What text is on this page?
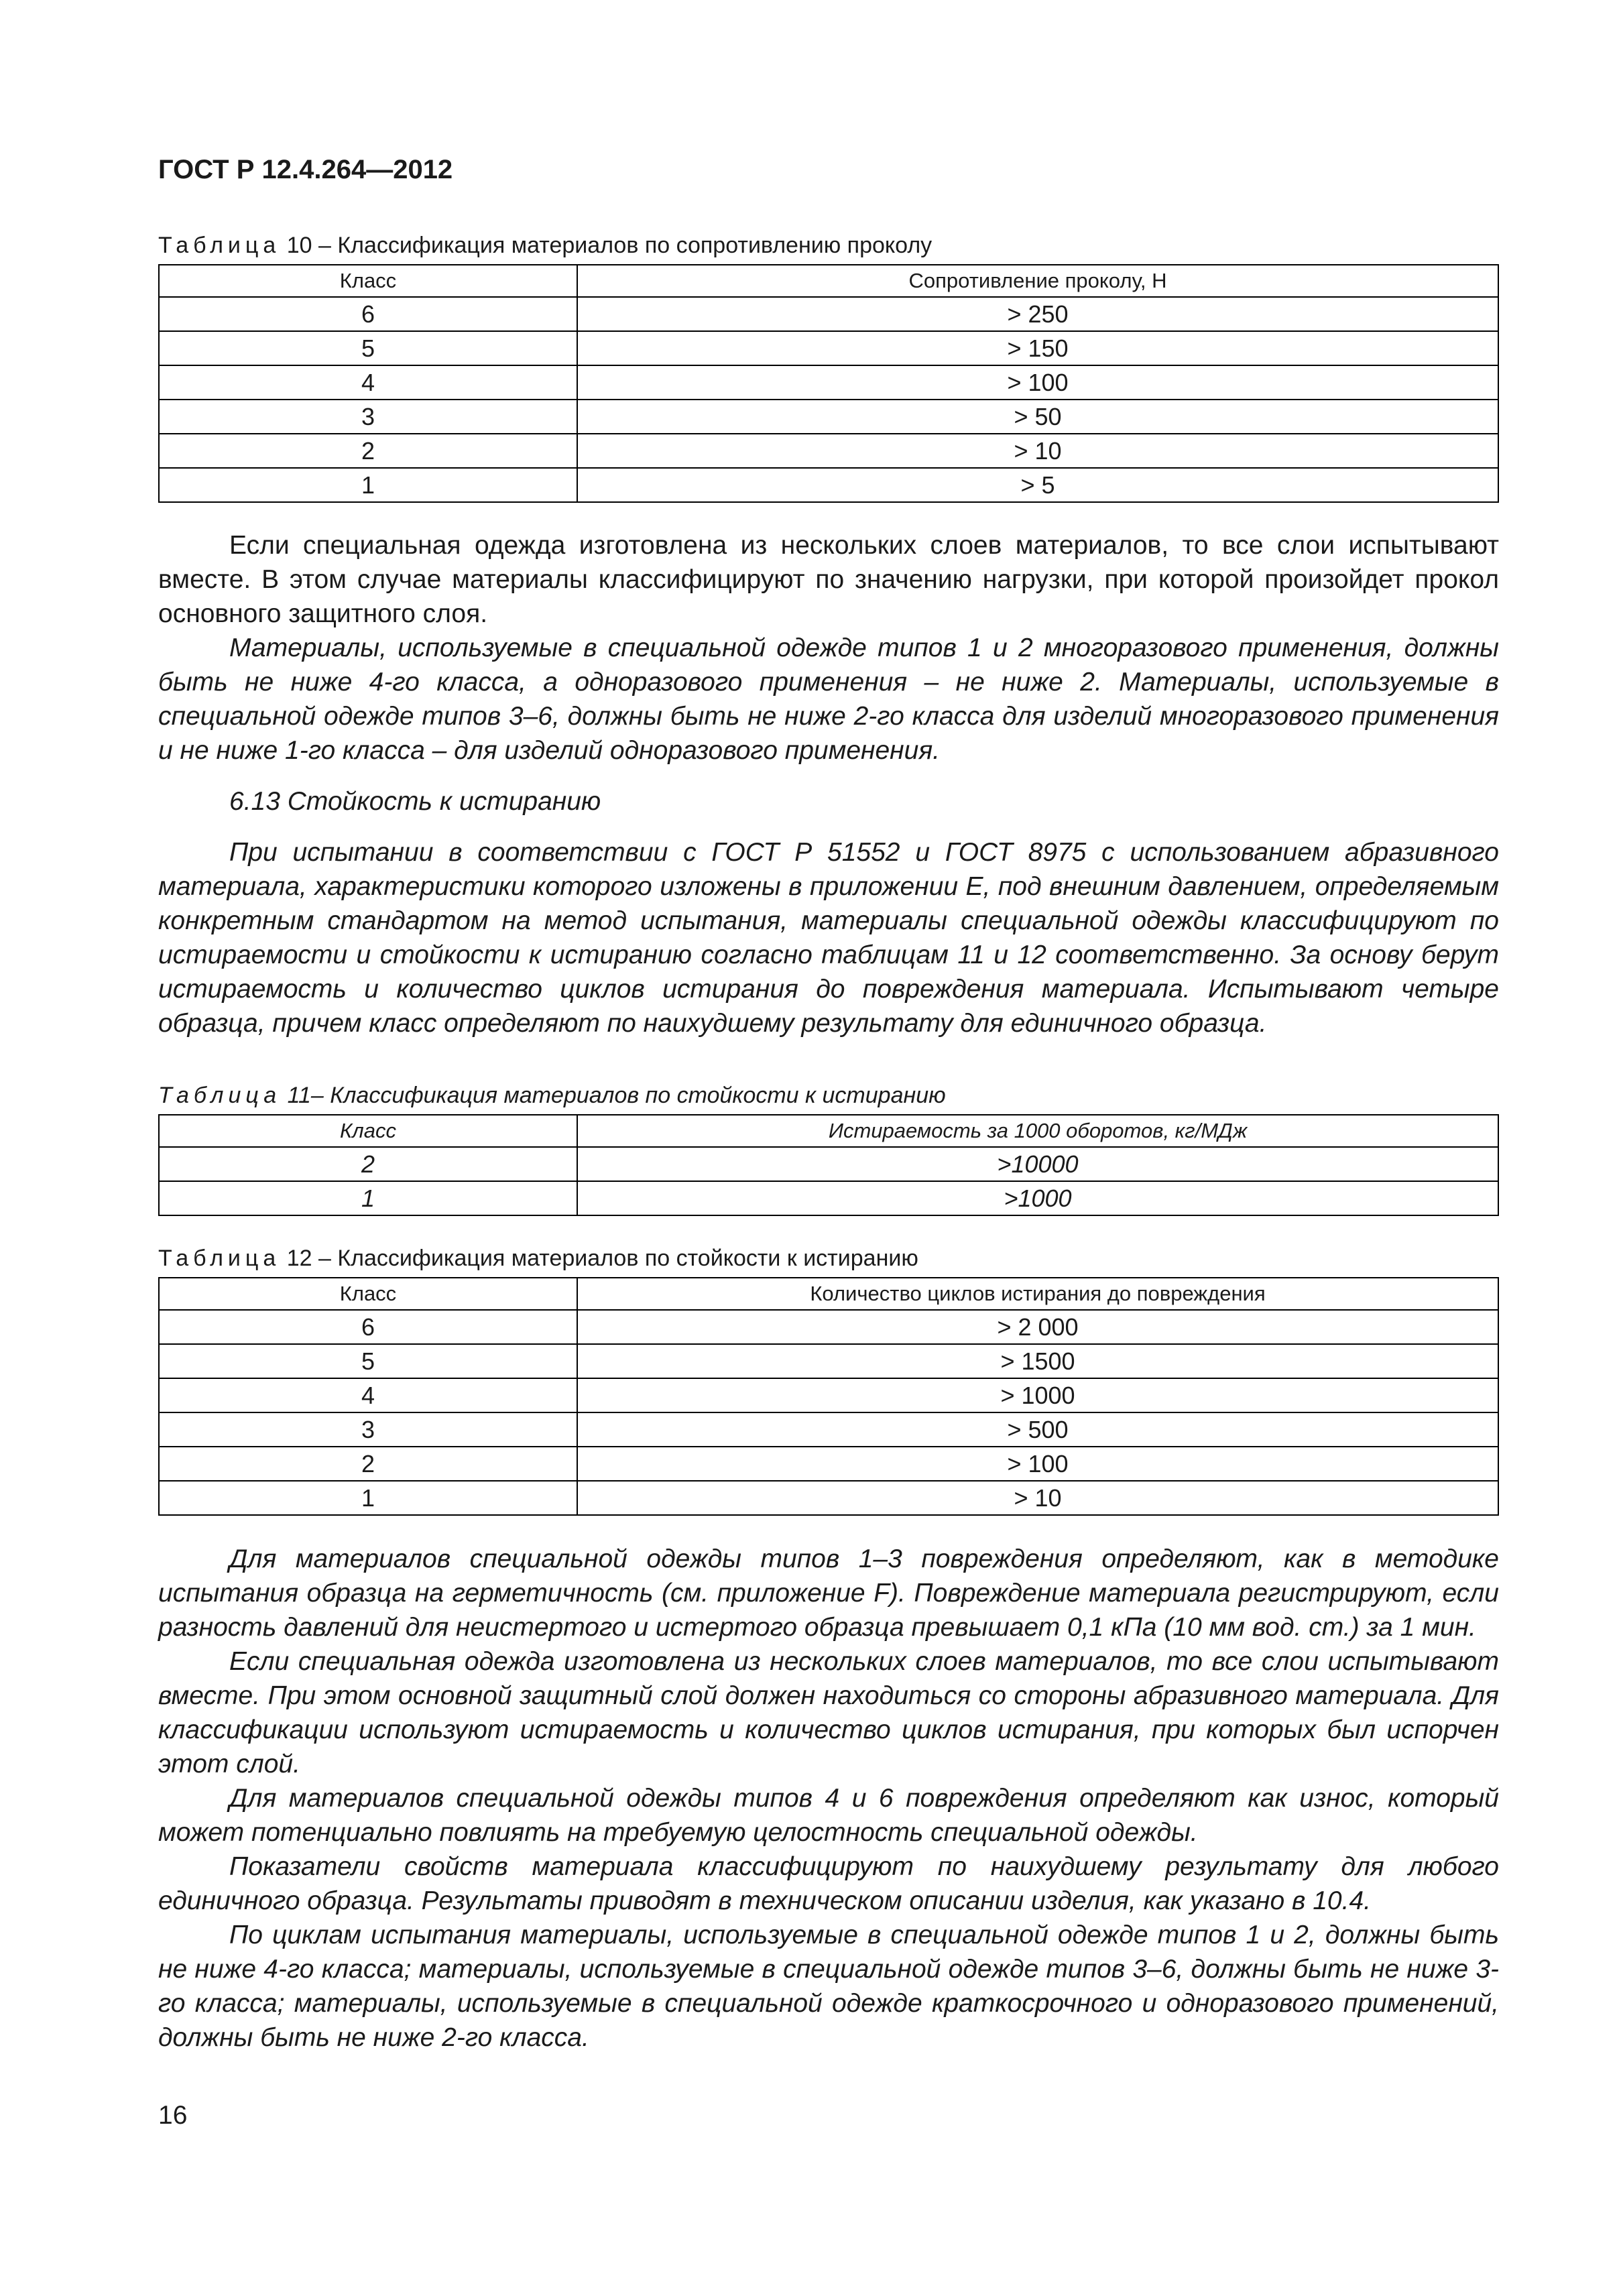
ГОСТ Р 12.4.264—2012
Таблица 10 – Классификация материалов по сопротивлению проколу
Класс	Сопротивление проколу, Н
6	> 250
5	> 150
4	> 100
3	> 50
2	> 10
1	> 5

Если специальная одежда изготовлена из нескольких слоев материалов, то все слои испытывают вместе. В этом случае материалы классифицируют по значению нагрузки, при которой произойдет прокол основного защитного слоя.

Материалы, используемые в специальной одежде типов 1 и 2 многоразового применения, должны быть не ниже 4-го класса, а одноразового применения – не ниже 2. Материалы, используемые в специальной одежде типов 3–6, должны быть не ниже 2-го класса для изделий многоразового применения и не ниже 1-го класса – для изделий одноразового применения.

6.13 Стойкость к истиранию

При испытании в соответствии с ГОСТ Р 51552 и ГОСТ 8975 с использованием абразивного материала, характеристики которого изложены в приложении Е, под внешним давлением, определяемым конкретным стандартом на метод испытания, материалы специальной одежды классифицируют по истираемости и стойкости к истиранию согласно таблицам 11 и 12 соответственно. За основу берут истираемость и количество циклов истирания до повреждения материала. Испытывают четыре образца, причем класс определяют по наихудшему результату для единичного образца.

Таблица 11– Классификация материалов по стойкости к истиранию
Класс	Истираемость за 1000 оборотов, кг/МДж
2	>10000
1	>1000
Таблица 12 – Классификация материалов по стойкости к истиранию
Класс	Количество циклов истирания до повреждения
6	> 2 000
5	> 1500
4	> 1000
3	> 500
2	> 100
1	> 10

Для материалов специальной одежды типов 1–3 повреждения определяют, как в методике испытания образца на герметичность (см. приложение F). Повреждение материала регистрируют, если разность давлений для неистертого и истертого образца превышает 0,1 кПа (10 мм вод. ст.) за 1 мин.

Если специальная одежда изготовлена из нескольких слоев материалов, то все слои испытывают вместе. При этом основной защитный слой должен находиться со стороны абразивного материала. Для классификации используют истираемость и количество циклов истирания, при которых был испорчен этот слой.

Для материалов специальной одежды типов 4 и 6 повреждения определяют как износ, который может потенциально повлиять на требуемую целостность специальной одежды.

Показатели свойств материала классифицируют по наихудшему результату для любого единичного образца. Результаты приводят в техническом описании изделия, как указано в 10.4.

По циклам испытания материалы, используемые в специальной одежде типов 1 и 2, должны быть не ниже 4-го класса; материалы, используемые в специальной одежде типов 3–6, должны быть не ниже 3-го класса; материалы, используемые в специальной одежде краткосрочного и одноразового применений, должны быть не ниже 2-го класса.

16
